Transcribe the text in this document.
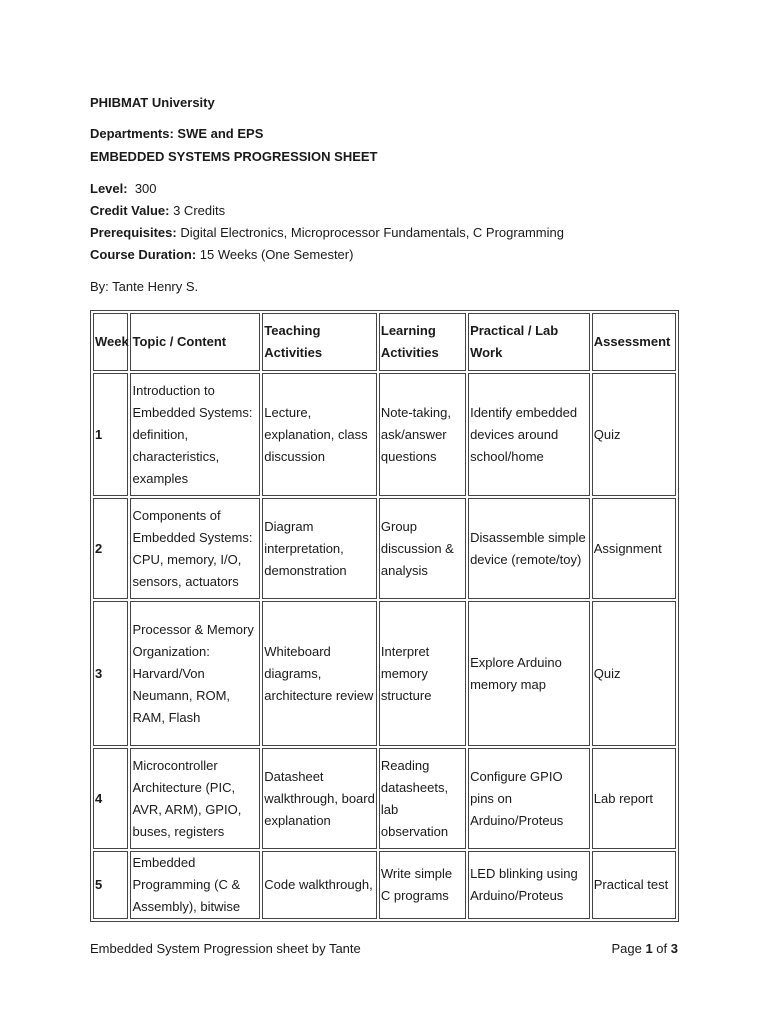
PHIBMAT University
Departments: SWE and EPS
EMBEDDED SYSTEMS PROGRESSION SHEET
Level: 300
Credit Value: 3 Credits
Prerequisites: Digital Electronics, Microprocessor Fundamentals, C Programming
Course Duration: 15 Weeks (One Semester)
By: Tante Henry S.
Week	Topic / Content	Teaching Activities	Learning Activities	Practical / Lab Work	Assessment
1	Introduction to Embedded Systems: definition, characteristics, examples	Lecture, explanation, class discussion	Note-taking, ask/answer questions	Identify embedded devices around school/home	Quiz
2	Components of Embedded Systems: CPU, memory, I/O, sensors, actuators	Diagram interpretation, demonstration	Group discussion & analysis	Disassemble simple device (remote/toy)	Assignment
3	Processor & Memory Organization: Harvard/Von Neumann, ROM, RAM, Flash	Whiteboard diagrams, architecture review	Interpret memory structure	Explore Arduino memory map	Quiz
4	Microcontroller Architecture (PIC, AVR, ARM), GPIO, buses, registers	Datasheet walkthrough, board explanation	Reading datasheets, lab observation	Configure GPIO pins on Arduino/Proteus	Lab report
5	Embedded Programming (C & Assembly), bitwise	Code walkthrough,	Write simple C programs	LED blinking using Arduino/Proteus	Practical test
Embedded System Progression sheet by Tante	Page 1 of 3
